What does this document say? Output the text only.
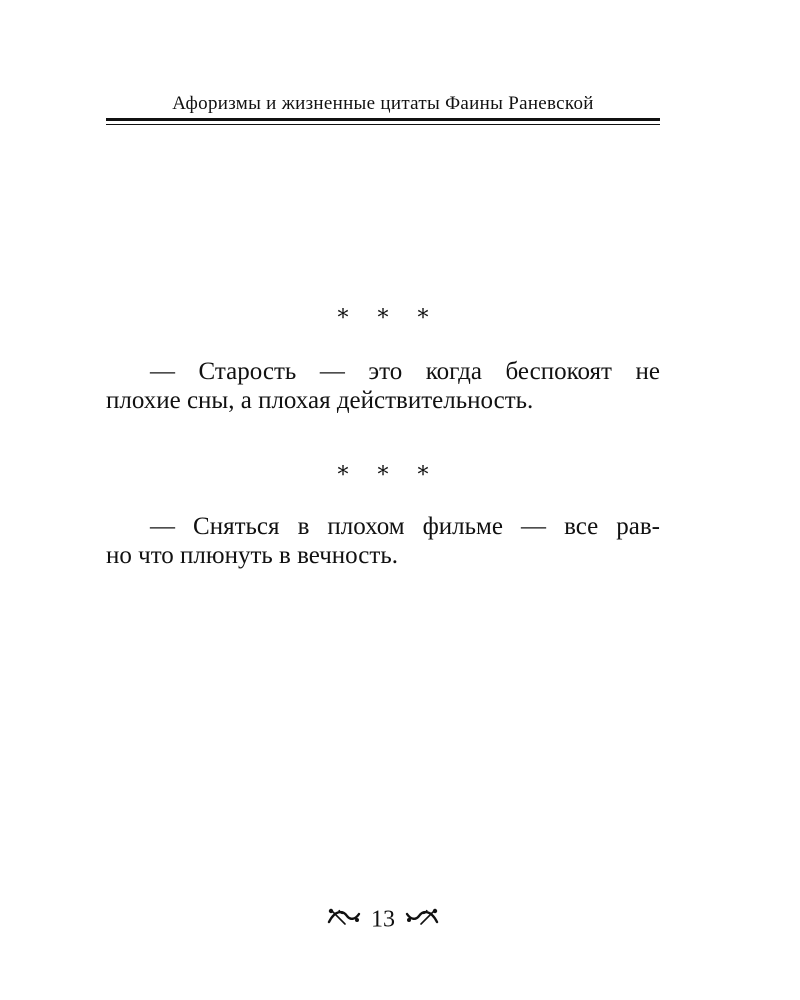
Афоризмы и жизненные цитаты Фаины Раневской
* * *

— Старость — это когда беспокоят не
плохие сны, а плохая действительность.

* * *

— Сняться в плохом фильме — все рав-
но что плюнуть в вечность.

13
